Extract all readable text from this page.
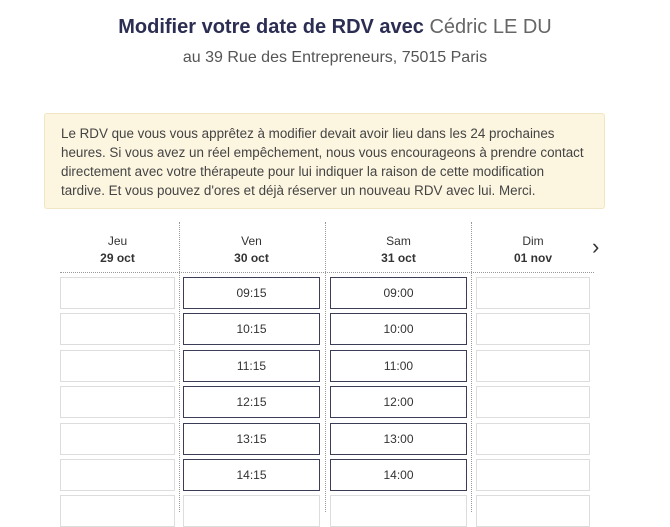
Modifier votre date de RDV avec Cédric LE DU
au 39 Rue des Entrepreneurs, 75015 Paris
Le RDV que vous vous apprêtez à modifier devait avoir lieu dans les 24 prochaines heures. Si vous avez un réel empêchement, nous vous encourageons à prendre contact directement avec votre thérapeute pour lui indiquer la raison de cette modification tardive. Et vous pouvez d'ores et déjà réserver un nouveau RDV avec lui. Merci.
›
Jeu
29 oct
Ven
30 oct
09:15
10:15
11:15
12:15
13:15
14:15
Sam
31 oct
09:00
10:00
11:00
12:00
13:00
14:00
Dim
01 nov
